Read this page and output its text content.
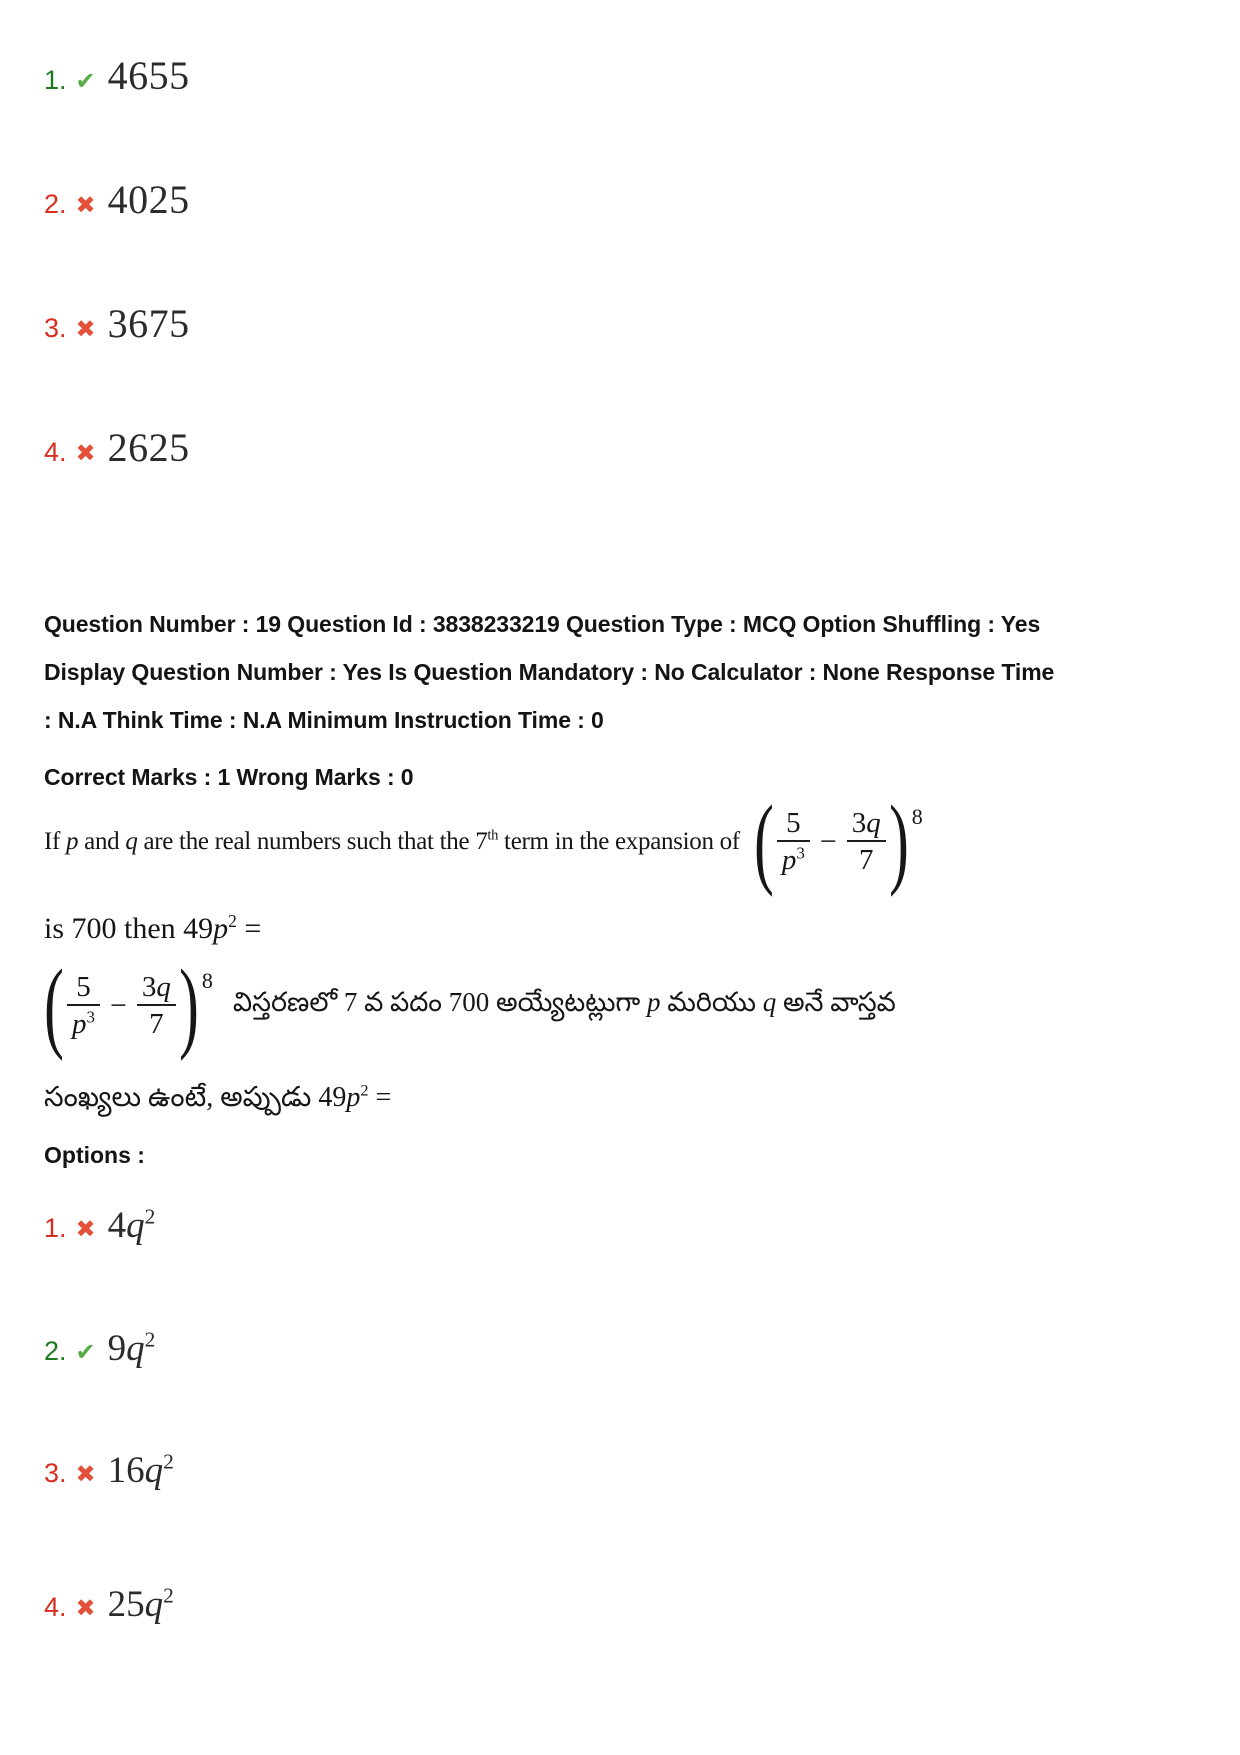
1. ✔ 4655
2. ✖ 4025
3. ✖ 3675
4. ✖ 2625
Question Number : 19 Question Id : 3838233219 Question Type : MCQ Option Shuffling : Yes
Display Question Number : Yes Is Question Mandatory : No Calculator : None Response Time
: N.A Think Time : N.A Minimum Instruction Time : 0
Correct Marks : 1 Wrong Marks : 0
If p and q are the real numbers such that the 7th term in the expansion of ( $\frac{5}{p^3} - \frac{3q}{7}$ ) 8
is 700 then $49p^2$ =
( $\frac{5}{p^3} - \frac{3q}{7}$ ) 8
విస్తరణలో 7 వ పదం 700 అయ్యేటట్లుగా p మరియు q అనే వాస్తవ
సంఖ్యలు ఉంటే, అప్పుడు $49p^2$ =
Options :
1. ✖ $4q^2$
2. ✔ $9q^2$
3. ✖ $16q^2$
4. ✖ $25q^2$
